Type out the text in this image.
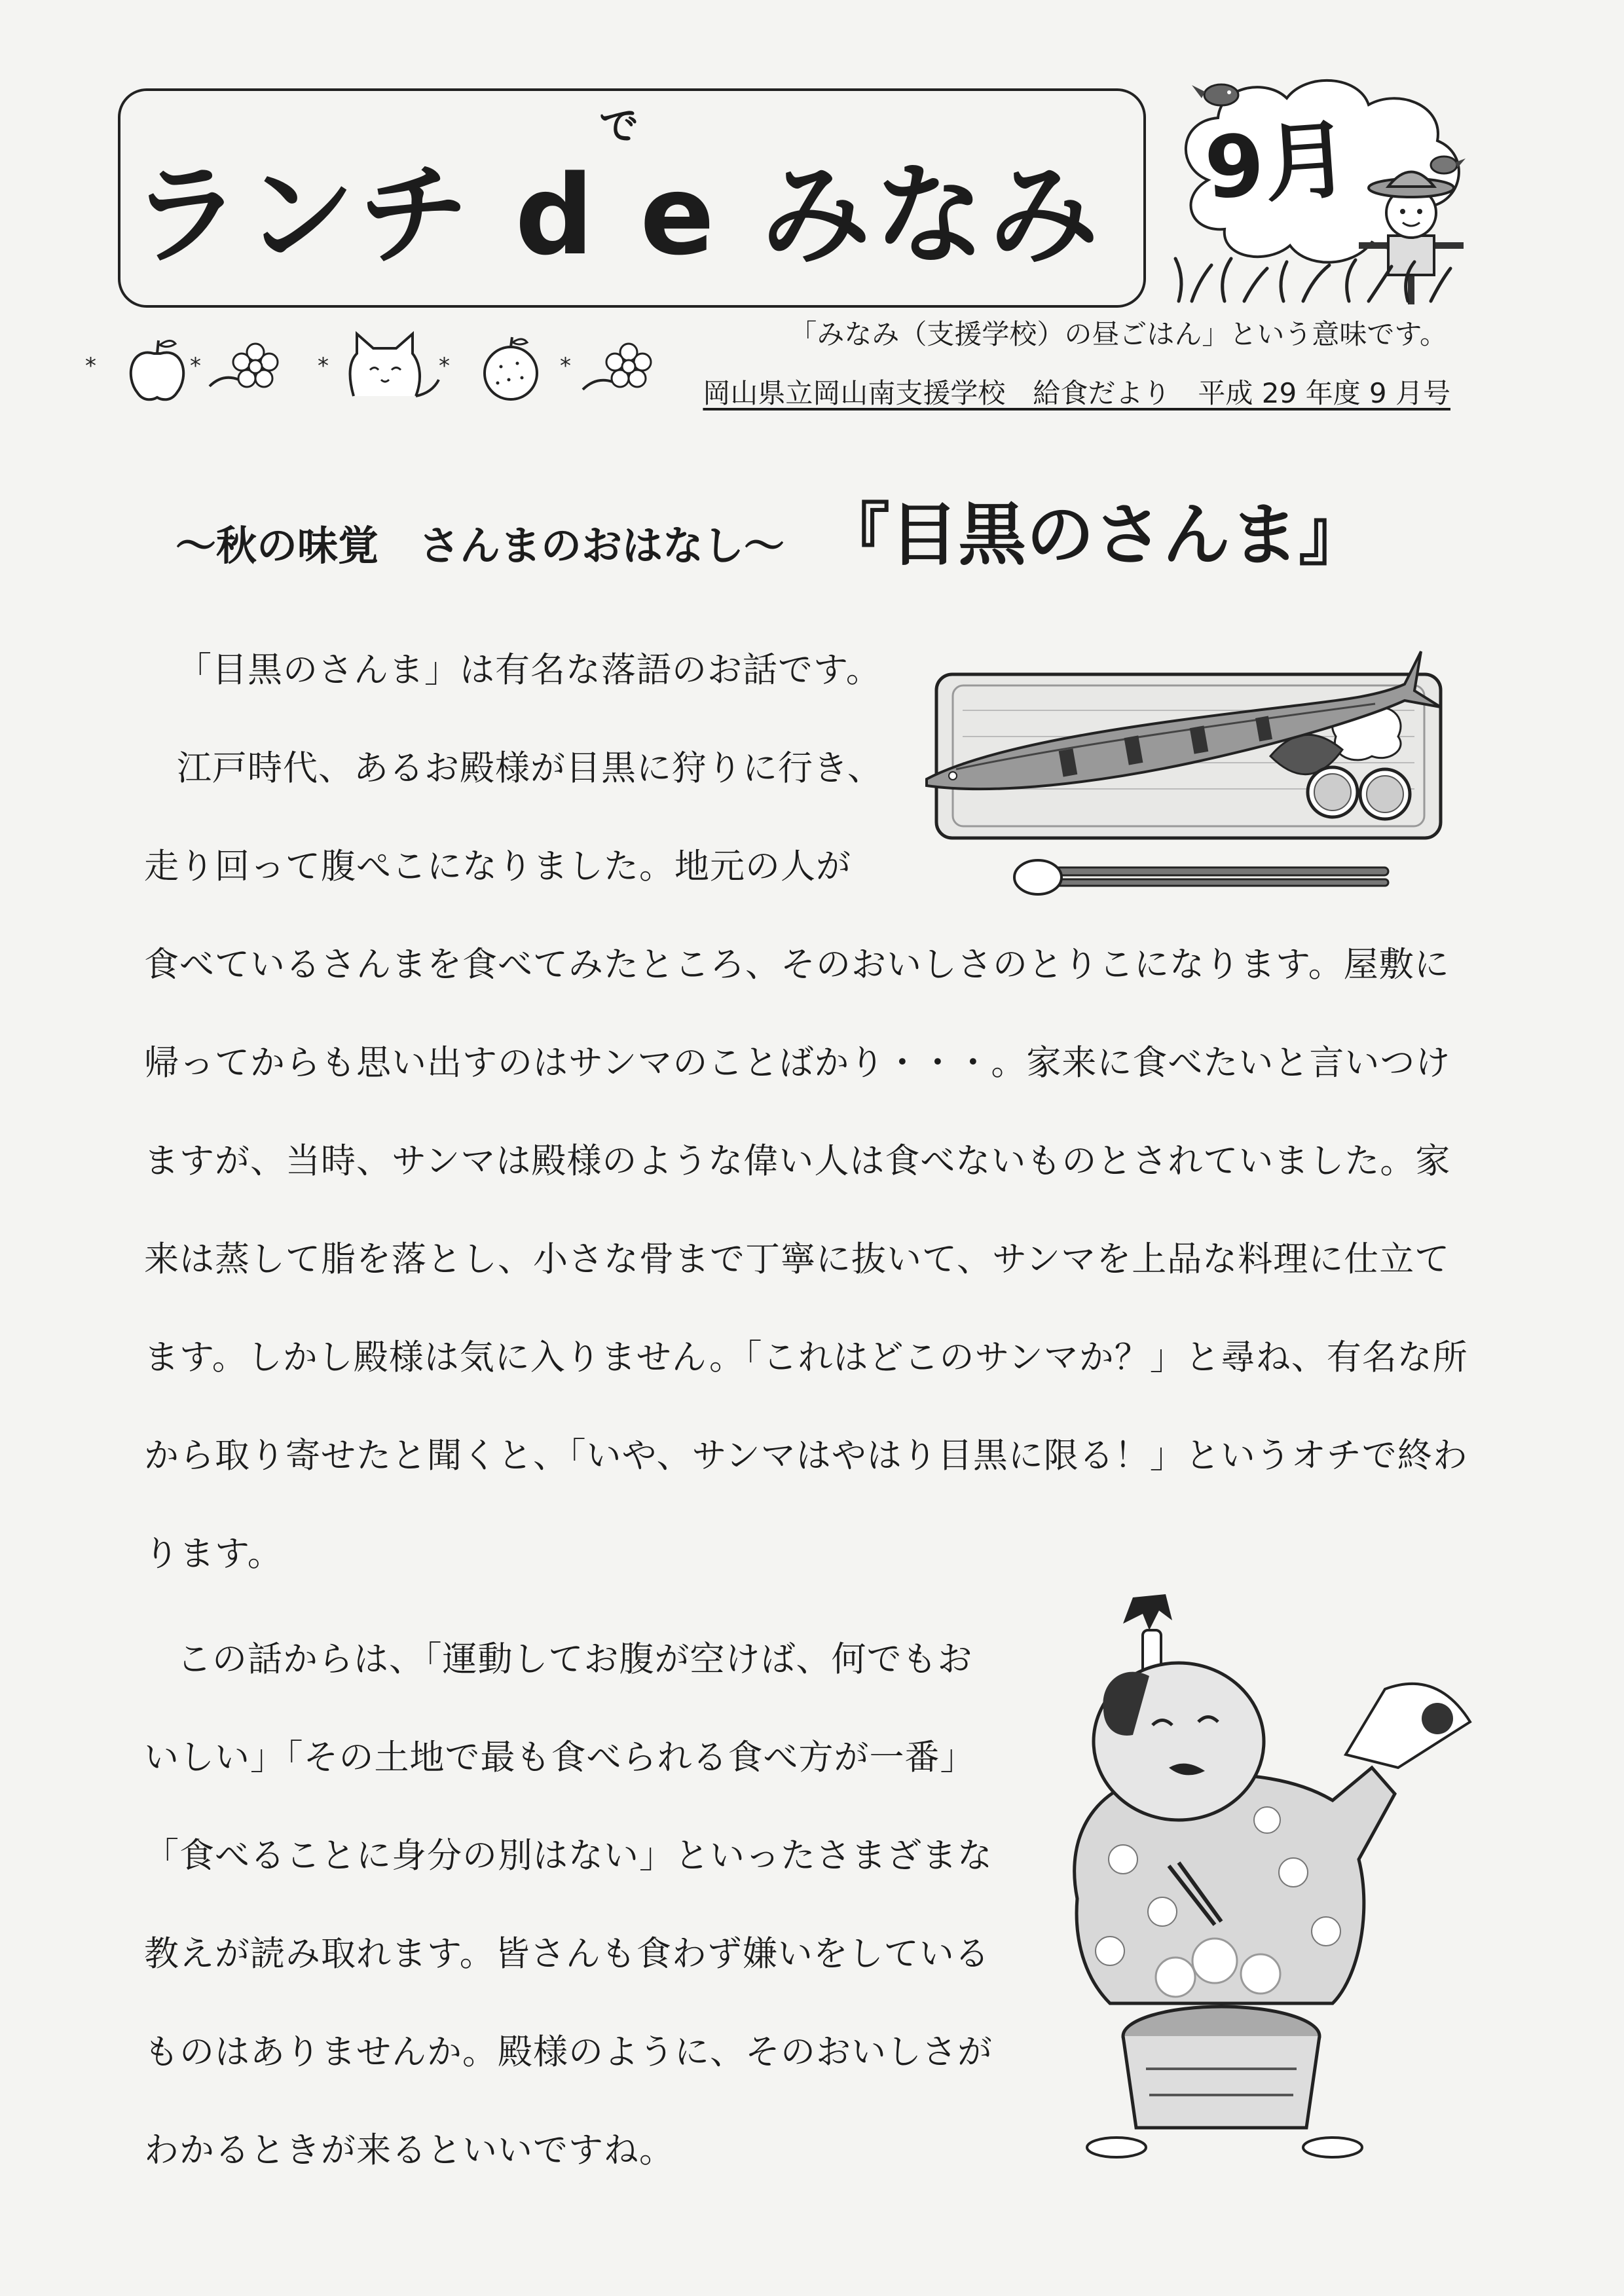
で
ランチ d e みなみ 9月
*	*	*	*	*
「みなみ（支援学校）の昼ごはん」という意味です。
岡山県立岡山南支援学校　給食だより　平成 29 年度 9 月号
～秋の味覚　さんまのおはなし～ 『目黒のさんま』
「目黒のさんま」は有名な落語のお話です。
江戸時代、あるお殿様が目黒に狩りに行き、
走り回って腹ぺこになりました。地元の人が
食べているさんまを食べてみたところ、そのおいしさのとりこになります。屋敷に
帰ってからも思い出すのはサンマのことばかり・・・。家来に食べたいと言いつけ
ますが、当時、サンマは殿様のような偉い人は食べないものとされていました。家
来は蒸して脂を落とし、小さな骨まで丁寧に抜いて、サンマを上品な料理に仕立て
ます。しかし殿様は気に入りません。「これはどこのサンマか？」と尋ね、有名な所
から取り寄せたと聞くと、「いや、サンマはやはり目黒に限る！」というオチで終わ
ります。
この話からは、「運動してお腹が空けば、何でもお
いしい」「その土地で最も食べられる食べ方が一番」
「食べることに身分の別はない」といったさまざまな
教えが読み取れます。皆さんも食わず嫌いをしている
ものはありませんか。殿様のように、そのおいしさが
わかるときが来るといいですね。
